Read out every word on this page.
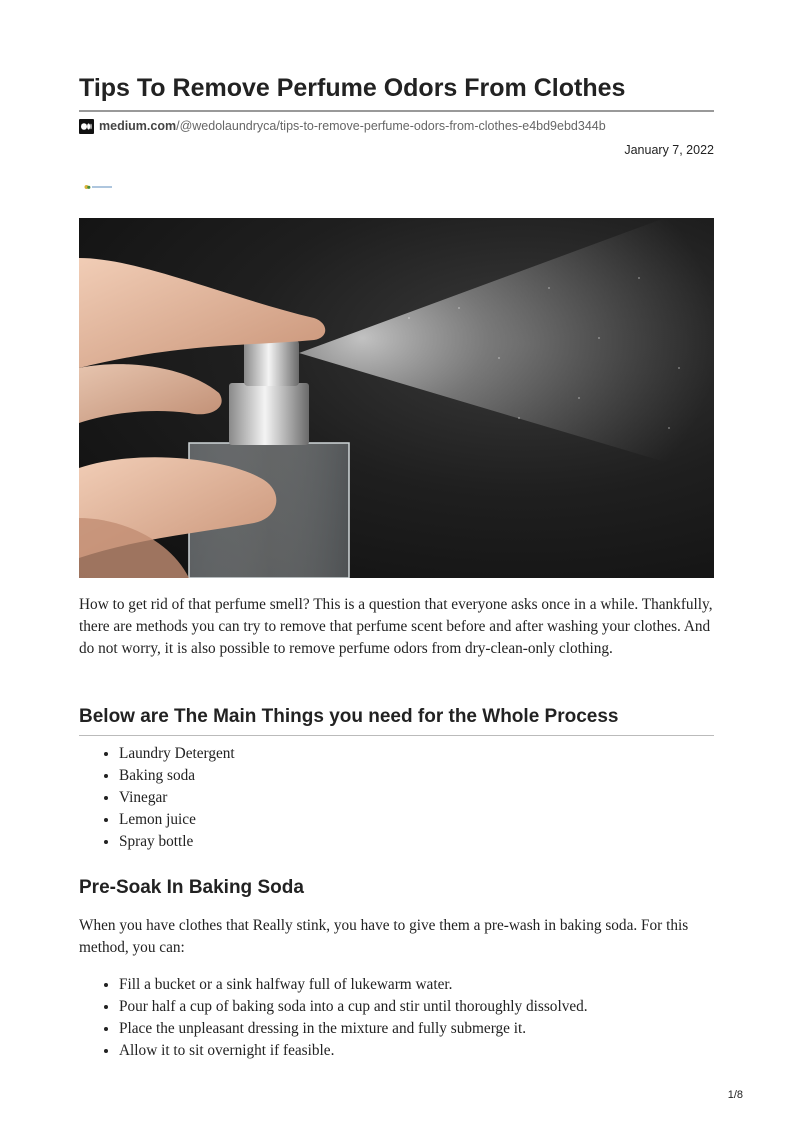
Tips To Remove Perfume Odors From Clothes
medium.com /@wedolaundryca/tips-to-remove-perfume-odors-from-clothes-e4bd9ebd344b
January 7, 2022

How to get rid of that perfume smell? This is a question that everyone asks once in a while. Thankfully, there are methods you can try to remove that perfume scent before and after washing your clothes. And do not worry, it is also possible to remove perfume odors from dry-clean-only clothing.

Below are The Main Things you need for the Whole Process
• Laundry Detergent
• Baking soda
• Vinegar
• Lemon juice
• Spray bottle
Pre-Soak In Baking Soda

When you have clothes that Really stink, you have to give them a pre-wash in baking soda. For this method, you can:

• Fill a bucket or a sink halfway full of lukewarm water.
• Pour half a cup of baking soda into a cup and stir until thoroughly dissolved.
• Place the unpleasant dressing in the mixture and fully submerge it.
• Allow it to sit overnight if feasible.
1/8
